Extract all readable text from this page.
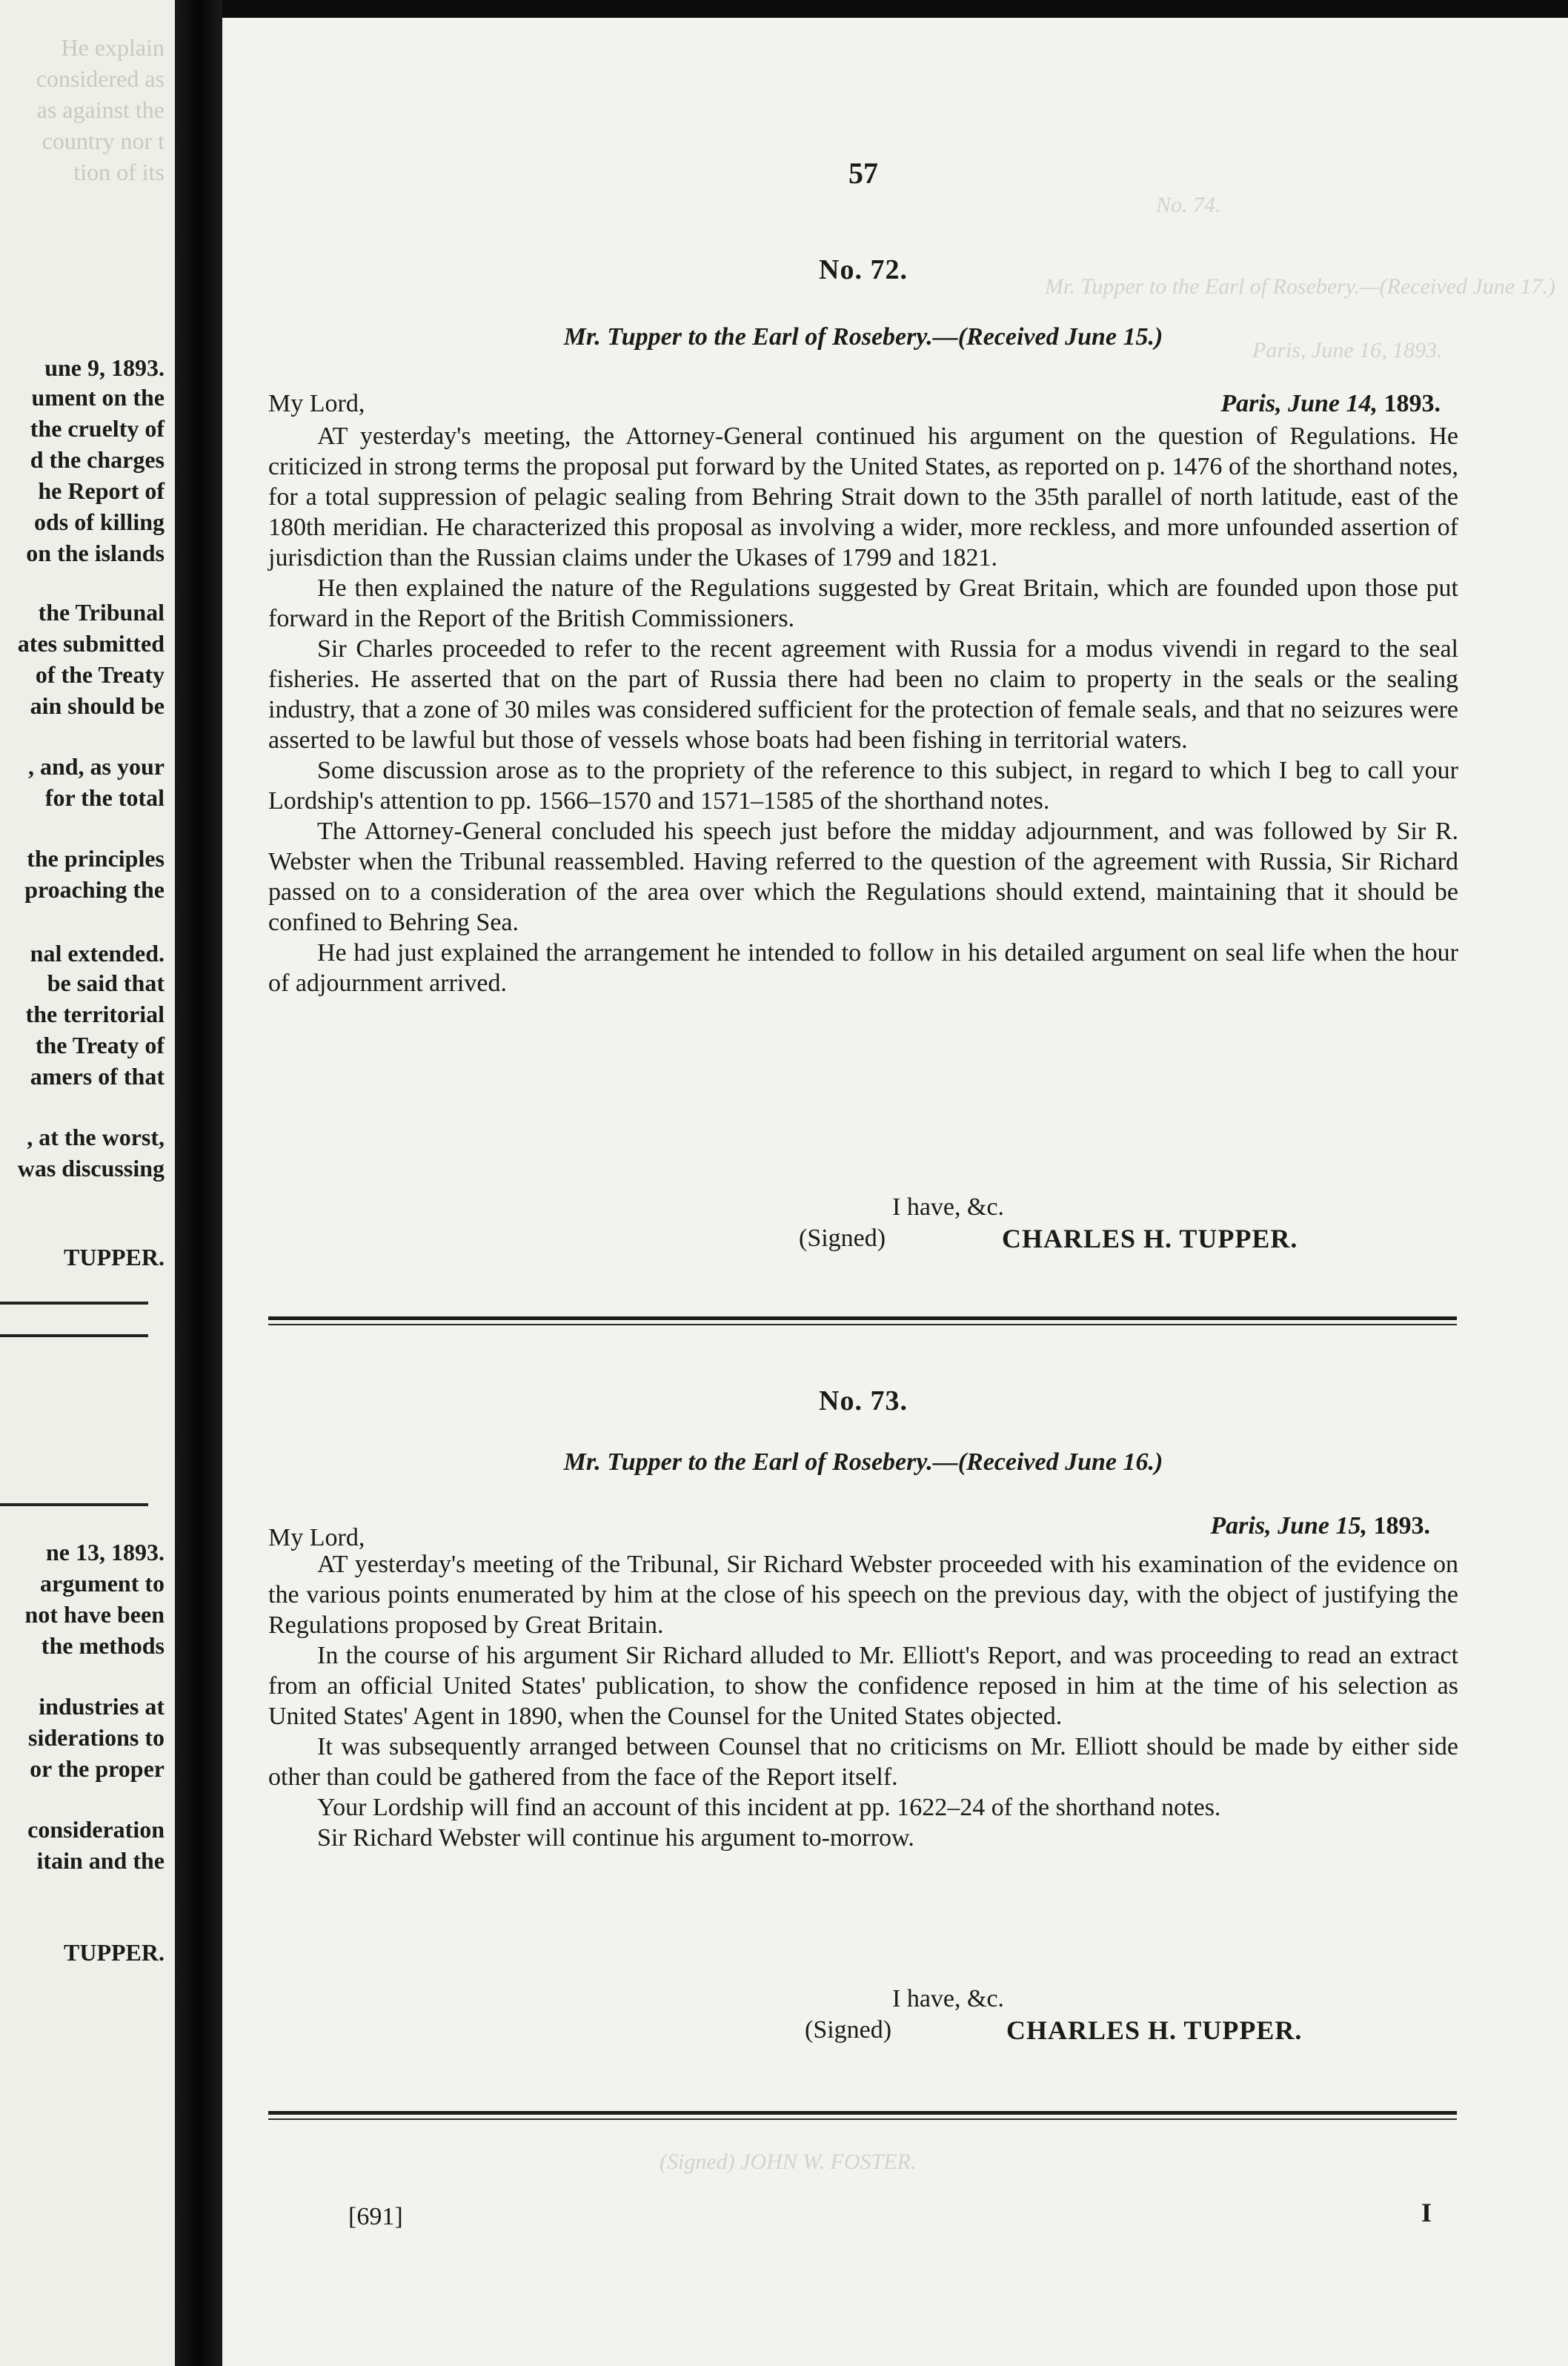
He explain
considered as
as against the
country nor t
tion of its
une 9, 1893.
ument on the
the cruelty of
d the charges
he Report of
ods of killing
on the islands
the Tribunal
ates submitted
of the Treaty
ain should be
, and, as your
for the total
the principles
proaching the
nal extended.
be said that
the territorial
the Treaty of
amers of that
, at the worst,
was discussing
TUPPER.
ne 13, 1893.
argument to
not have been
the methods
industries at
siderations to
or the proper
consideration
itain and the
TUPPER.
No. 74.
Mr. Tupper to the Earl of Rosebery.—(Received June 17.)
Paris, June 16, 1893.
(Signed) JOHN W. FOSTER.
57
No. 72.
Mr. Tupper to the Earl of Rosebery.—(Received June 15.)
My Lord,	Paris, June 14, 1893.

AT yesterday's meeting, the Attorney-General continued his argument on the question of Regulations. He criticized in strong terms the proposal put forward by the United States, as reported on p. 1476 of the shorthand notes, for a total suppression of pelagic sealing from Behring Strait down to the 35th parallel of north latitude, east of the 180th meridian. He characterized this proposal as involving a wider, more reckless, and more unfounded assertion of jurisdiction than the Russian claims under the Ukases of 1799 and 1821.

He then explained the nature of the Regulations suggested by Great Britain, which are founded upon those put forward in the Report of the British Commissioners.

Sir Charles proceeded to refer to the recent agreement with Russia for a modus vivendi in regard to the seal fisheries. He asserted that on the part of Russia there had been no claim to property in the seals or the sealing industry, that a zone of 30 miles was considered sufficient for the protection of female seals, and that no seizures were asserted to be lawful but those of vessels whose boats had been fishing in territorial waters.

Some discussion arose as to the propriety of the reference to this subject, in regard to which I beg to call your Lordship's attention to pp. 1566–1570 and 1571–1585 of the shorthand notes.

The Attorney-General concluded his speech just before the midday adjournment, and was followed by Sir R. Webster when the Tribunal reassembled. Having referred to the question of the agreement with Russia, Sir Richard passed on to a consideration of the area over which the Regulations should extend, maintaining that it should be confined to Behring Sea.

He had just explained the arrangement he intended to follow in his detailed argument on seal life when the hour of adjournment arrived.

I have, &c.
(Signed)	CHARLES H. TUPPER.
No. 73.
Mr. Tupper to the Earl of Rosebery.—(Received June 16.)
My Lord,	Paris, June 15, 1893.

AT yesterday's meeting of the Tribunal, Sir Richard Webster proceeded with his examination of the evidence on the various points enumerated by him at the close of his speech on the previous day, with the object of justifying the Regulations proposed by Great Britain.

In the course of his argument Sir Richard alluded to Mr. Elliott's Report, and was proceeding to read an extract from an official United States' publication, to show the confidence reposed in him at the time of his selection as United States' Agent in 1890, when the Counsel for the United States objected.

It was subsequently arranged between Counsel that no criticisms on Mr. Elliott should be made by either side other than could be gathered from the face of the Report itself.

Your Lordship will find an account of this incident at pp. 1622–24 of the shorthand notes.

Sir Richard Webster will continue his argument to-morrow.

I have, &c.
(Signed)	CHARLES H. TUPPER.
[691]	I
